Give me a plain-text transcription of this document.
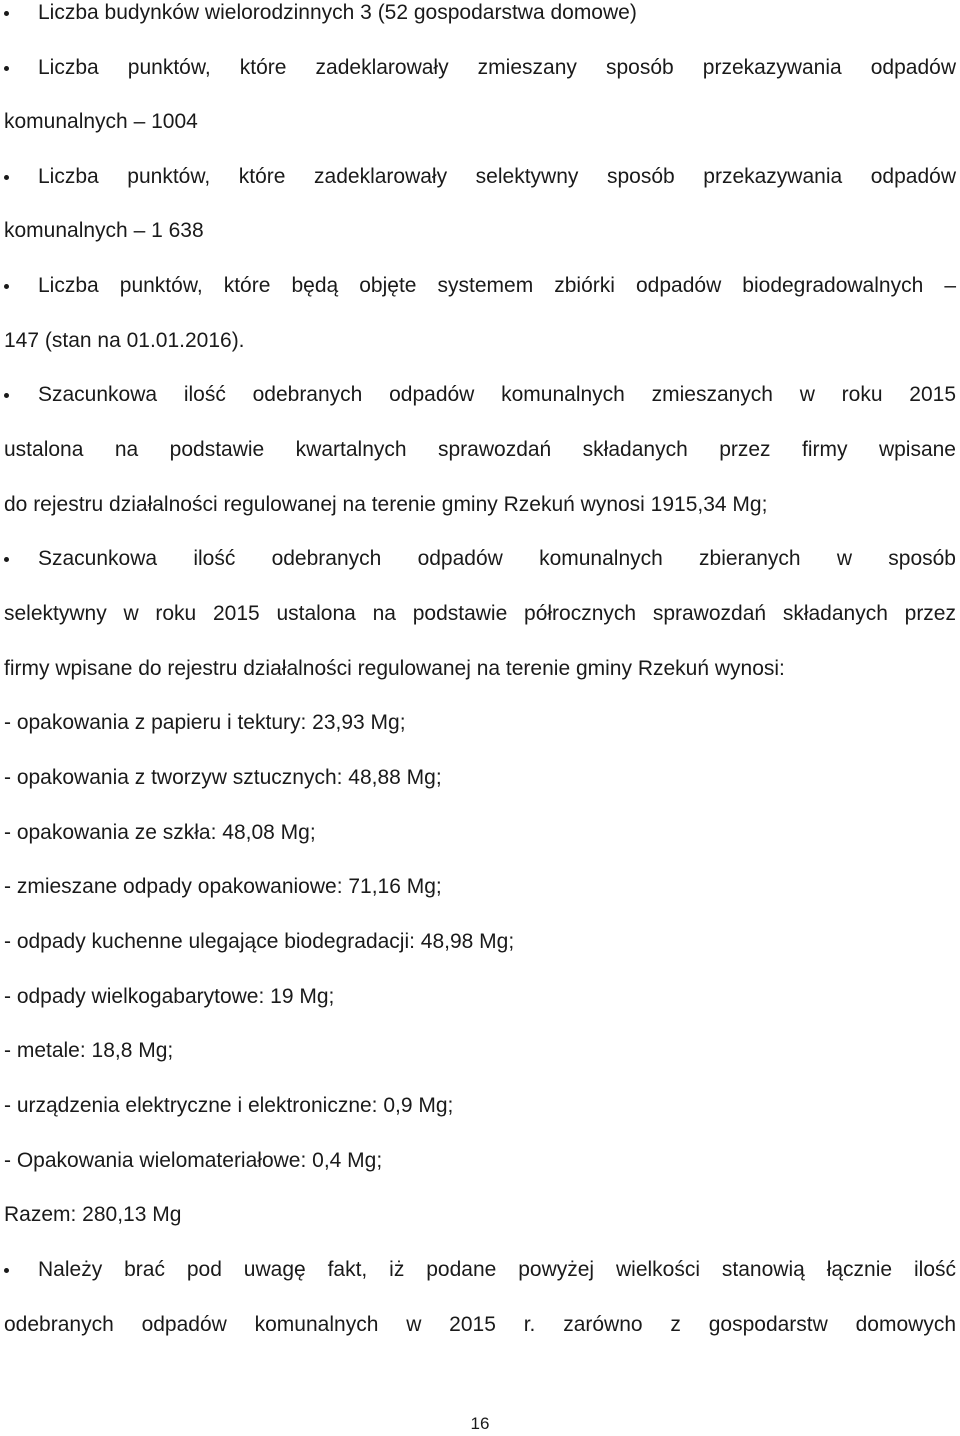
Liczba budynków wielorodzinnych 3 (52 gospodarstwa domowe)
Liczba punktów, które zadeklarowały zmieszany sposób przekazywania odpadów
komunalnych – 1004
Liczba punktów, które zadeklarowały selektywny sposób przekazywania odpadów
komunalnych – 1 638
Liczba punktów, które będą objęte systemem zbiórki odpadów biodegradowalnych –
147 (stan na 01.01.2016).
Szacunkowa ilość odebranych odpadów komunalnych zmieszanych w roku 2015
ustalona na podstawie kwartalnych sprawozdań składanych przez firmy wpisane
do rejestru działalności regulowanej na terenie gminy Rzekuń wynosi 1915,34 Mg;
Szacunkowa ilość odebranych odpadów komunalnych zbieranych w sposób
selektywny w roku 2015 ustalona na podstawie półrocznych sprawozdań składanych przez
firmy wpisane do rejestru działalności regulowanej na terenie gminy Rzekuń wynosi:
- opakowania z papieru i tektury: 23,93 Mg;
- opakowania z tworzyw sztucznych: 48,88 Mg;
- opakowania ze szkła: 48,08 Mg;
- zmieszane odpady opakowaniowe: 71,16 Mg;
- odpady kuchenne ulegające biodegradacji: 48,98 Mg;
- odpady wielkogabarytowe: 19 Mg;
- metale: 18,8 Mg;
- urządzenia elektryczne i elektroniczne: 0,9 Mg;
- Opakowania wielomateriałowe: 0,4 Mg;
Razem: 280,13 Mg
Należy brać pod uwagę fakt, iż podane powyżej wielkości stanowią łącznie ilość
odebranych odpadów komunalnych w 2015 r. zarówno z gospodarstw domowych
16
